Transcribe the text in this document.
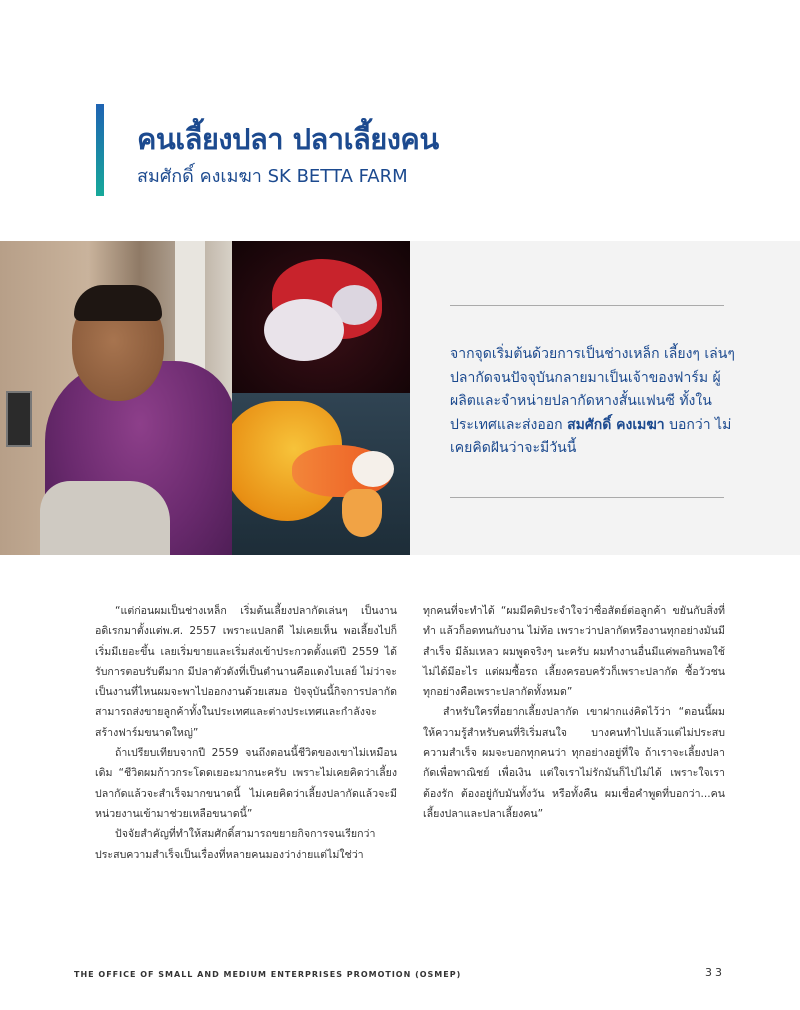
คนเลี้ยงปลา ปลาเลี้ยงคน
สมศักดิ์ คงเมฆา SK BETTA FARM
จากจุดเริ่มต้นด้วยการเป็นช่างเหล็ก เลี้ยงๆ เล่นๆ ปลากัดจนปัจจุบันกลายมาเป็นเจ้าของฟาร์ม ผู้ผลิตและจำหน่ายปลากัดหางสั้นแฟนซี ทั้งในประเทศและส่งออก สมศักดิ์ คงเมฆา บอกว่า ไม่เคยคิดฝันว่าจะมีวันนี้

“แต่ก่อนผมเป็นช่างเหล็ก เริ่มต้นเลี้ยงปลากัดเล่นๆ เป็นงานอดิเรกมาตั้งแต่พ.ศ. 2557 เพราะแปลกดี ไม่เคยเห็น พอเลี้ยงไปก็เริ่มมีเยอะขึ้น เลยเริ่มขายและเริ่มส่งเข้าประกวดตั้งแต่ปี 2559 ได้รับการตอบรับดีมาก มีปลาตัวดังที่เป็นตำนานคือแดงไบเลย์ ไม่ว่าจะเป็นงานที่ไหนผมจะพาไปออกงานด้วยเสมอ ปัจจุบันนี้กิจการปลากัดสามารถส่งขายลูกค้าทั้งในประเทศและต่างประเทศและกำลังจะสร้างฟาร์มขนาดใหญ่”

ถ้าเปรียบเทียบจากปี 2559 จนถึงตอนนี้ชีวิตของเขาไม่เหมือนเดิม “ชีวิตผมก้าวกระโดดเยอะมากนะครับ เพราะไม่เคยคิดว่าเลี้ยงปลากัดแล้วจะสำเร็จมากขนาดนี้ ไม่เคยคิดว่าเลี้ยงปลากัดแล้วจะมีหน่วยงานเข้ามาช่วยเหลือขนาดนี้”

ปัจจัยสำคัญที่ทำให้สมศักดิ์สามารถขยายกิจการจนเรียกว่าประสบความสำเร็จเป็นเรื่องที่หลายคนมองว่าง่ายแต่ไม่ใช่ว่า

ทุกคนที่จะทำได้ “ผมมีคติประจำใจว่าซื่อสัตย์ต่อลูกค้า ขยันกับสิ่งที่ทำ แล้วก็อดทนกับงาน ไม่ท้อ เพราะว่าปลากัดหรืองานทุกอย่างมันมีสำเร็จ มีล้มเหลว ผมพูดจริงๆ นะครับ ผมทำงานอื่นมีแค่พอกินพอใช้ ไม่ได้มีอะไร แต่ผมซื้อรถ เลี้ยงครอบครัวก็เพราะปลากัด ซื้อวัวชน ทุกอย่างคือเพราะปลากัดทั้งหมด”

สำหรับใครที่อยากเลี้ยงปลากัด เขาฝากแง่คิดไว้ว่า “ตอนนี้ผมให้ความรู้สำหรับคนที่ริเริ่มสนใจ บางคนทำไปแล้วแต่ไม่ประสบความสำเร็จ ผมจะบอกทุกคนว่า ทุกอย่างอยู่ที่ใจ ถ้าเราจะเลี้ยงปลากัดเพื่อพาณิชย์ เพื่อเงิน แต่ใจเราไม่รักมันก็ไปไม่ได้ เพราะใจเราต้องรัก ต้องอยู่กับมันทั้งวัน หรือทั้งคืน ผมเชื่อคำพูดที่บอกว่า...คนเลี้ยงปลาและปลาเลี้ยงคน”

THE OFFICE OF SMALL AND MEDIUM ENTERPRISES PROMOTION (OSMEP)	33
